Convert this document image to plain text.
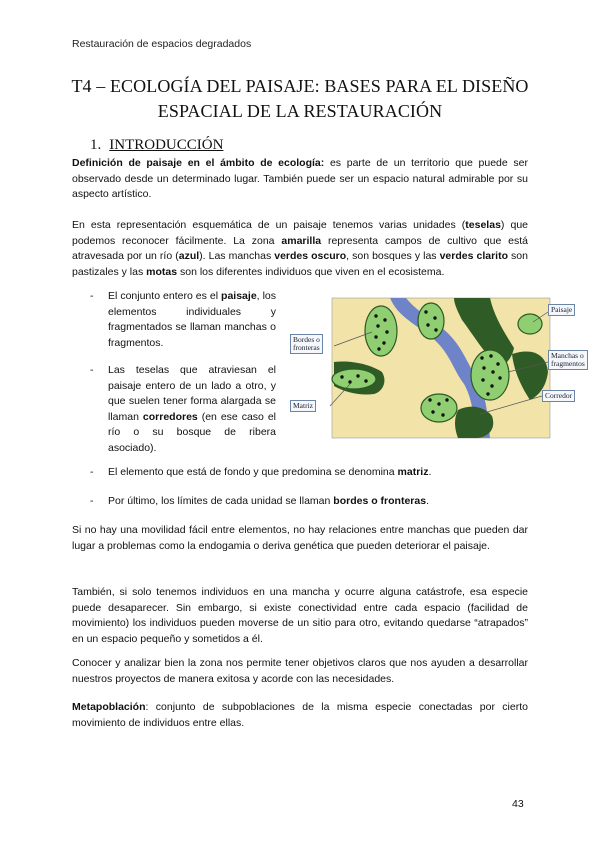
Restauración de espacios degradados
T4 – ECOLOGÍA DEL PAISAJE: BASES PARA EL DISEÑO
ESPACIAL DE LA RESTAURACIÓN
1. INTRODUCCIÓN

Definición de paisaje en el ámbito de ecología: es parte de un territorio que puede ser observado desde un determinado lugar. También puede ser un espacio natural admirable por su aspecto artístico.

En esta representación esquemática de un paisaje tenemos varias unidades (teselas) que podemos reconocer fácilmente. La zona amarilla representa campos de cultivo que está atravesada por un río (azul). Las manchas verdes oscuro, son bosques y las verdes clarito son pastizales y las motas son los diferentes individuos que viven en el ecosistema.

- El conjunto entero es el paisaje, los elementos individuales y fragmentados se llaman manchas o fragmentos.
- Las teselas que atraviesan el paisaje entero de un lado a otro, y que suelen tener forma alargada se llaman corredores (en ese caso el río o su bosque de ribera asociado).
Paisaje
Bordes o
fronteras
Manchas o
fragmentos
Matriz
Corredor
- El elemento que está de fondo y que predomina se denomina matriz.
- Por último, los límites de cada unidad se llaman bordes o fronteras.

Si no hay una movilidad fácil entre elementos, no hay relaciones entre manchas que pueden dar lugar a problemas como la endogamia o deriva genética que pueden deteriorar el paisaje.

También, si solo tenemos individuos en una mancha y ocurre alguna catástrofe, esa especie puede desaparecer. Sin embargo, si existe conectividad entre cada espacio (facilidad de movimiento) los individuos pueden moverse de un sitio para otro, evitando quedarse “atrapados” en un espacio pequeño y sometidos a él.

Conocer y analizar bien la zona nos permite tener objetivos claros que nos ayuden a desarrollar nuestros proyectos de manera exitosa y acorde con las necesidades.

Metapoblación: conjunto de subpoblaciones de la misma especie conectadas por cierto movimiento de individuos entre ellas.

43
